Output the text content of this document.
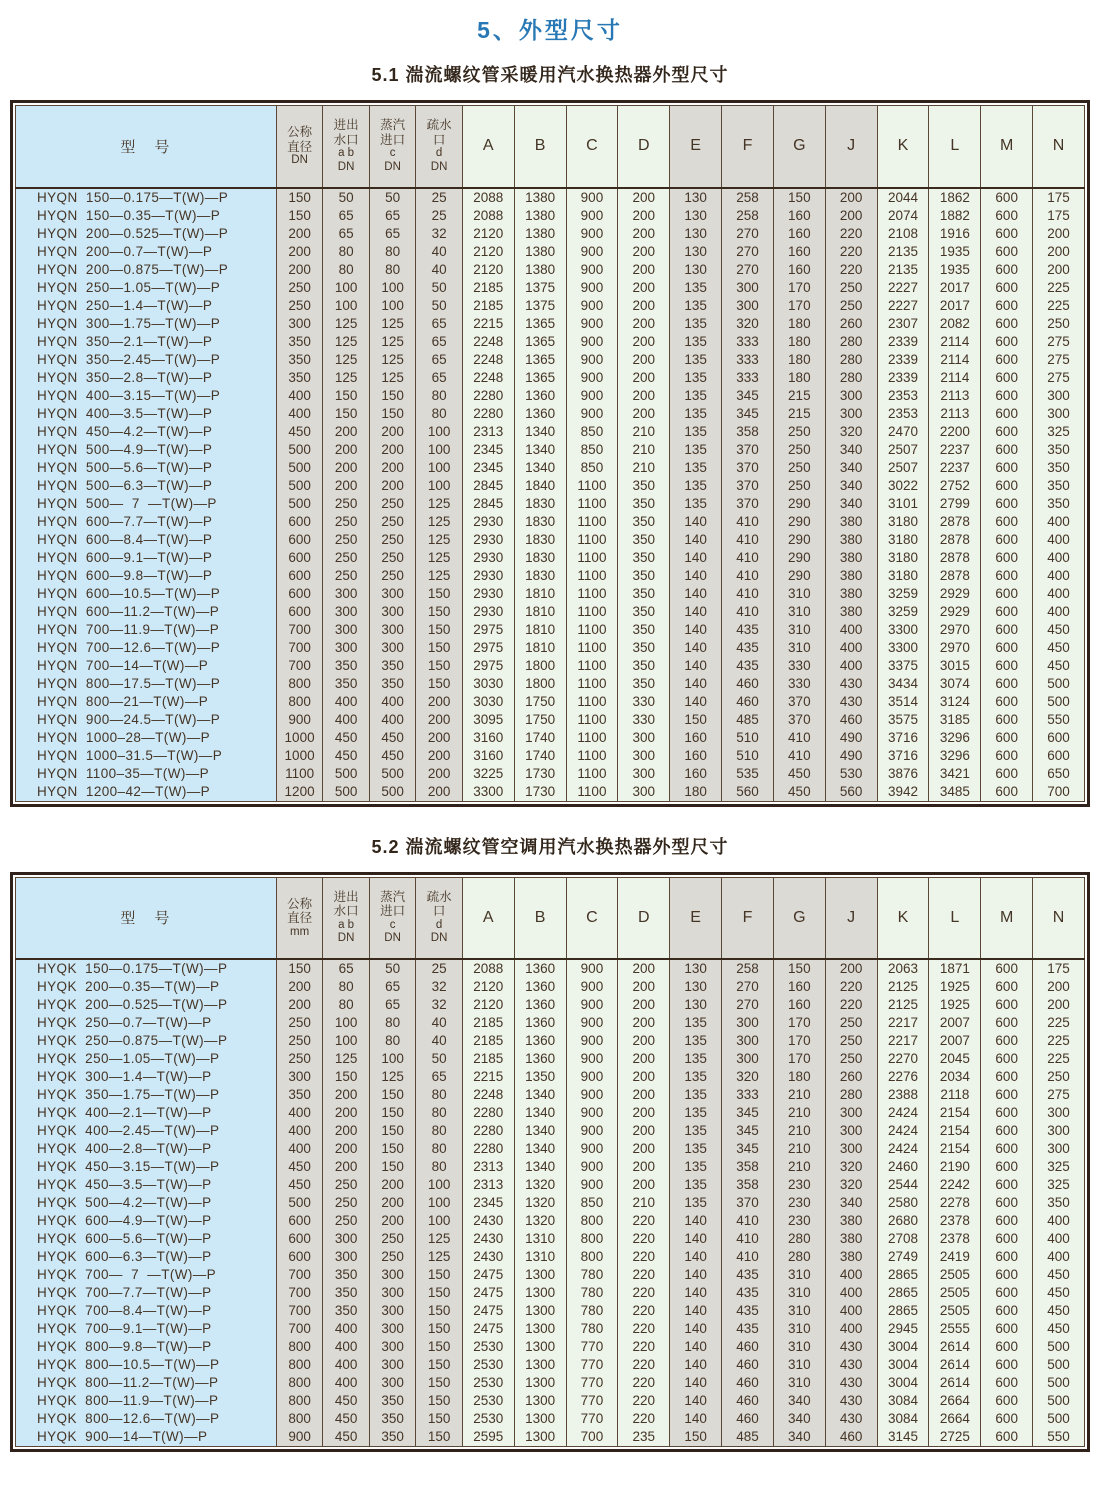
5、外型尺寸
5.1 湍流螺纹管采暖用汽水换热器外型尺寸
型　号	
公称
直径
DN

进出
水口
a b
DN

蒸汽
进口
c
DN

疏水
口
d
DN
	A	B	C	D	E	F	G	J	K	L	M	N
HYQN  150—0.175—T(W)—P	150	50	50	25	2088	1380	900	200	130	258	150	200	2044	1862	600	175
HYQN  150—0.35—T(W)—P	150	65	65	25	2088	1380	900	200	130	258	160	200	2074	1882	600	175
HYQN  200—0.525—T(W)—P	200	65	65	32	2120	1380	900	200	130	270	160	220	2108	1916	600	200
HYQN  200—0.7—T(W)—P	200	80	80	40	2120	1380	900	200	130	270	160	220	2135	1935	600	200
HYQN  200—0.875—T(W)—P	200	80	80	40	2120	1380	900	200	130	270	160	220	2135	1935	600	200
HYQN  250—1.05—T(W)—P	250	100	100	50	2185	1375	900	200	135	300	170	250	2227	2017	600	225
HYQN  250—1.4—T(W)—P	250	100	100	50	2185	1375	900	200	135	300	170	250	2227	2017	600	225
HYQN  300—1.75—T(W)—P	300	125	125	65	2215	1365	900	200	135	320	180	260	2307	2082	600	250
HYQN  350—2.1—T(W)—P	350	125	125	65	2248	1365	900	200	135	333	180	280	2339	2114	600	275
HYQN  350—2.45—T(W)—P	350	125	125	65	2248	1365	900	200	135	333	180	280	2339	2114	600	275
HYQN  350—2.8—T(W)—P	350	125	125	65	2248	1365	900	200	135	333	180	280	2339	2114	600	275
HYQN  400—3.15—T(W)—P	400	150	150	80	2280	1360	900	200	135	345	215	300	2353	2113	600	300
HYQN  400—3.5—T(W)—P	400	150	150	80	2280	1360	900	200	135	345	215	300	2353	2113	600	300
HYQN  450—4.2—T(W)—P	450	200	200	100	2313	1340	850	210	135	358	250	320	2470	2200	600	325
HYQN  500—4.9—T(W)—P	500	200	200	100	2345	1340	850	210	135	370	250	340	2507	2237	600	350
HYQN  500—5.6—T(W)—P	500	200	200	100	2345	1340	850	210	135	370	250	340	2507	2237	600	350
HYQN  500—6.3—T(W)—P	500	200	200	100	2845	1840	1100	350	135	370	250	340	3022	2752	600	350
HYQN  500—  7  —T(W)—P	500	250	250	125	2845	1830	1100	350	135	370	290	340	3101	2799	600	350
HYQN  600—7.7—T(W)—P	600	250	250	125	2930	1830	1100	350	140	410	290	380	3180	2878	600	400
HYQN  600—8.4—T(W)—P	600	250	250	125	2930	1830	1100	350	140	410	290	380	3180	2878	600	400
HYQN  600—9.1—T(W)—P	600	250	250	125	2930	1830	1100	350	140	410	290	380	3180	2878	600	400
HYQN  600—9.8—T(W)—P	600	250	250	125	2930	1830	1100	350	140	410	290	380	3180	2878	600	400
HYQN  600—10.5—T(W)—P	600	300	300	150	2930	1810	1100	350	140	410	310	380	3259	2929	600	400
HYQN  600—11.2—T(W)—P	600	300	300	150	2930	1810	1100	350	140	410	310	380	3259	2929	600	400
HYQN  700—11.9—T(W)—P	700	300	300	150	2975	1810	1100	350	140	435	310	400	3300	2970	600	450
HYQN  700—12.6—T(W)—P	700	300	300	150	2975	1810	1100	350	140	435	310	400	3300	2970	600	450
HYQN  700—14—T(W)—P	700	350	350	150	2975	1800	1100	350	140	435	330	400	3375	3015	600	450
HYQN  800—17.5—T(W)—P	800	350	350	150	3030	1800	1100	350	140	460	330	430	3434	3074	600	500
HYQN  800—21—T(W)—P	800	400	400	200	3030	1750	1100	330	140	460	370	430	3514	3124	600	500
HYQN  900—24.5—T(W)—P	900	400	400	200	3095	1750	1100	330	150	485	370	460	3575	3185	600	550
HYQN  1000–28—T(W)—P	1000	450	450	200	3160	1740	1100	300	160	510	410	490	3716	3296	600	600
HYQN  1000–31.5—T(W)—P	1000	450	450	200	3160	1740	1100	300	160	510	410	490	3716	3296	600	600
HYQN  1100–35—T(W)—P	1100	500	500	200	3225	1730	1100	300	160	535	450	530	3876	3421	600	650
HYQN  1200–42—T(W)—P	1200	500	500	200	3300	1730	1100	300	180	560	450	560	3942	3485	600	700
5.2 湍流螺纹管空调用汽水换热器外型尺寸
型　号	
公称
直径
mm

进出
水口
a b
DN

蒸汽
进口
c
DN

疏水
口
d
DN
	A	B	C	D	E	F	G	J	K	L	M	N
HYQK  150—0.175—T(W)—P	150	65	50	25	2088	1360	900	200	130	258	150	200	2063	1871	600	175
HYQK  200—0.35—T(W)—P	200	80	65	32	2120	1360	900	200	130	270	160	220	2125	1925	600	200
HYQK  200—0.525—T(W)—P	200	80	65	32	2120	1360	900	200	130	270	160	220	2125	1925	600	200
HYQK  250—0.7—T(W)—P	250	100	80	40	2185	1360	900	200	135	300	170	250	2217	2007	600	225
HYQK  250—0.875—T(W)—P	250	100	80	40	2185	1360	900	200	135	300	170	250	2217	2007	600	225
HYQK  250—1.05—T(W)—P	250	125	100	50	2185	1360	900	200	135	300	170	250	2270	2045	600	225
HYQK  300—1.4—T(W)—P	300	150	125	65	2215	1350	900	200	135	320	180	260	2276	2034	600	250
HYQK  350—1.75—T(W)—P	350	200	150	80	2248	1340	900	200	135	333	210	280	2388	2118	600	275
HYQK  400—2.1—T(W)—P	400	200	150	80	2280	1340	900	200	135	345	210	300	2424	2154	600	300
HYQK  400—2.45—T(W)—P	400	200	150	80	2280	1340	900	200	135	345	210	300	2424	2154	600	300
HYQK  400—2.8—T(W)—P	400	200	150	80	2280	1340	900	200	135	345	210	300	2424	2154	600	300
HYQK  450—3.15—T(W)—P	450	200	150	80	2313	1340	900	200	135	358	210	320	2460	2190	600	325
HYQK  450—3.5—T(W)—P	450	250	200	100	2313	1320	900	200	135	358	230	320	2544	2242	600	325
HYQK  500—4.2—T(W)—P	500	250	200	100	2345	1320	850	210	135	370	230	340	2580	2278	600	350
HYQK  600—4.9—T(W)—P	600	250	200	100	2430	1320	800	220	140	410	230	380	2680	2378	600	400
HYQK  600—5.6—T(W)—P	600	300	250	125	2430	1310	800	220	140	410	280	380	2708	2378	600	400
HYQK  600—6.3—T(W)—P	600	300	250	125	2430	1310	800	220	140	410	280	380	2749	2419	600	400
HYQK  700—  7  —T(W)—P	700	350	300	150	2475	1300	780	220	140	435	310	400	2865	2505	600	450
HYQK  700—7.7—T(W)—P	700	350	300	150	2475	1300	780	220	140	435	310	400	2865	2505	600	450
HYQK  700—8.4—T(W)—P	700	350	300	150	2475	1300	780	220	140	435	310	400	2865	2505	600	450
HYQK  700—9.1—T(W)—P	700	400	300	150	2475	1300	780	220	140	435	310	400	2945	2555	600	450
HYQK  800—9.8—T(W)—P	800	400	300	150	2530	1300	770	220	140	460	310	430	3004	2614	600	500
HYQK  800—10.5—T(W)—P	800	400	300	150	2530	1300	770	220	140	460	310	430	3004	2614	600	500
HYQK  800—11.2—T(W)—P	800	400	300	150	2530	1300	770	220	140	460	310	430	3004	2614	600	500
HYQK  800—11.9—T(W)—P	800	450	350	150	2530	1300	770	220	140	460	340	430	3084	2664	600	500
HYQK  800—12.6—T(W)—P	800	450	350	150	2530	1300	770	220	140	460	340	430	3084	2664	600	500
HYQK  900—14—T(W)—P	900	450	350	150	2595	1300	700	235	150	485	340	460	3145	2725	600	550
